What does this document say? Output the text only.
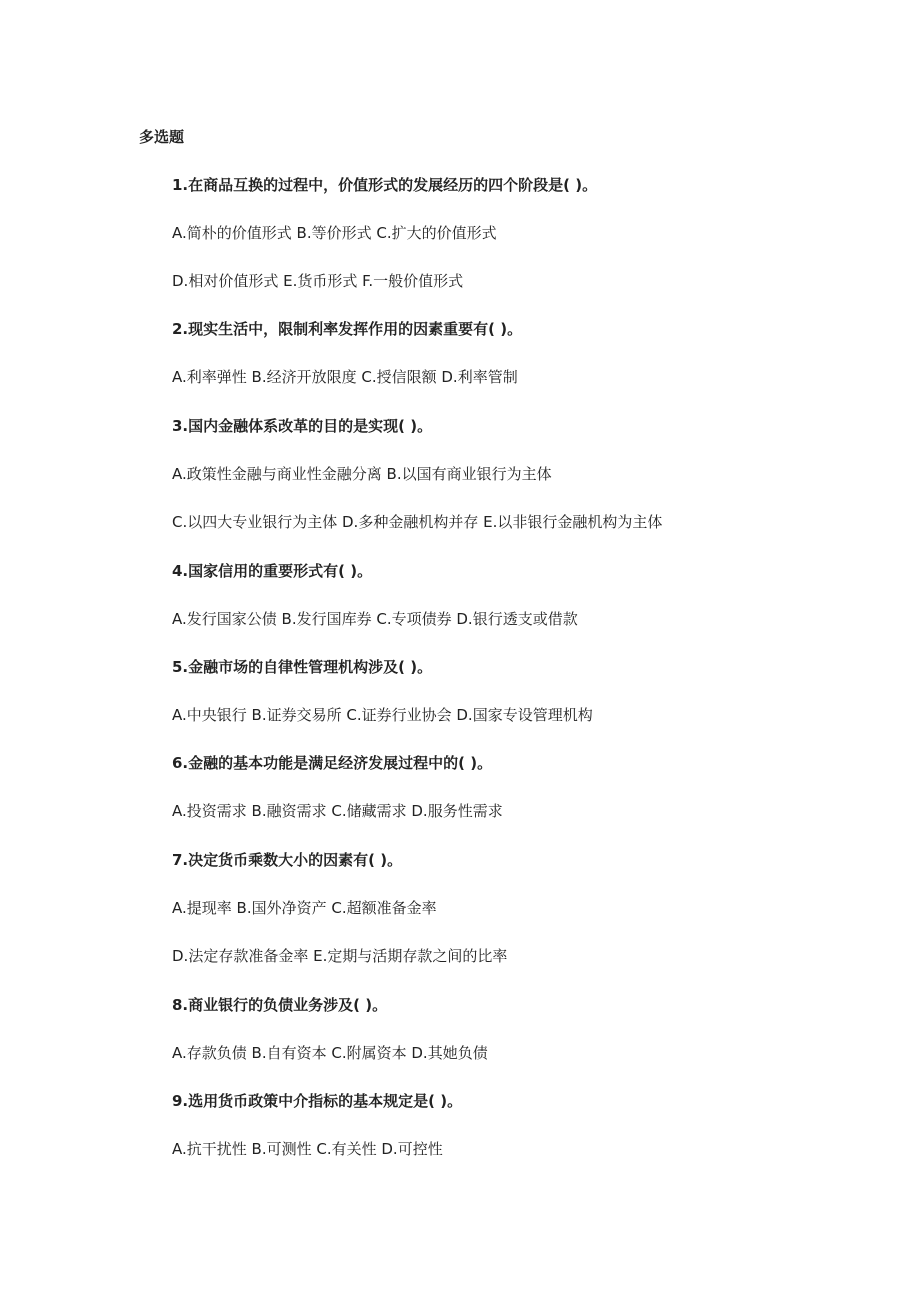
多选题
1.在商品互换的过程中，价值形式的发展经历的四个阶段是( )。
A.简朴的价值形式 B.等价形式 C.扩大的价值形式
D.相对价值形式 E.货币形式 F.一般价值形式
2.现实生活中，限制利率发挥作用的因素重要有( )。
A.利率弹性 B.经济开放限度 C.授信限额 D.利率管制
3.国内金融体系改革的目的是实现( )。
A.政策性金融与商业性金融分离 B.以国有商业银行为主体
C.以四大专业银行为主体 D.多种金融机构并存 E.以非银行金融机构为主体
4.国家信用的重要形式有( )。
A.发行国家公债 B.发行国库券 C.专项债券 D.银行透支或借款
5.金融市场的自律性管理机构涉及( )。
A.中央银行 B.证券交易所 C.证券行业协会 D.国家专设管理机构
6.金融的基本功能是满足经济发展过程中的( )。
A.投资需求 B.融资需求 C.储藏需求 D.服务性需求
7.决定货币乘数大小的因素有( )。
A.提现率 B.国外净资产 C.超额准备金率
D.法定存款准备金率 E.定期与活期存款之间的比率
8.商业银行的负债业务涉及( )。
A.存款负债 B.自有资本 C.附属资本 D.其她负债
9.选用货币政策中介指标的基本规定是( )。
A.抗干扰性 B.可测性 C.有关性 D.可控性
